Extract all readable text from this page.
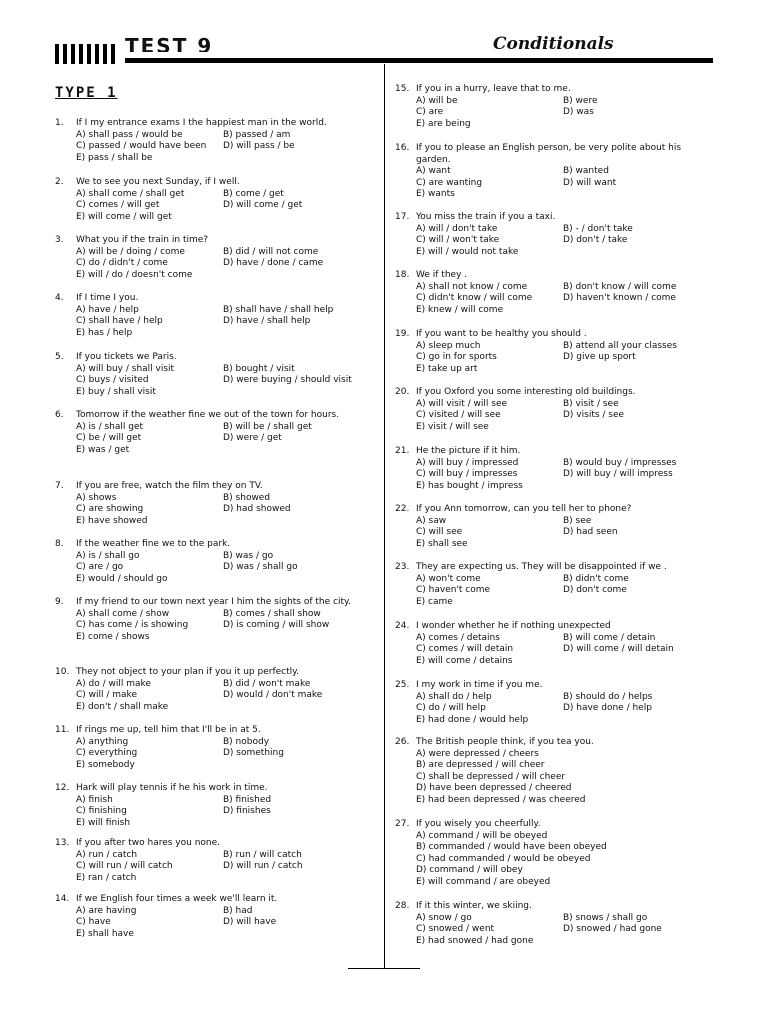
TEST 9	Conditionals
TYPE 1
1. If I my entrance exams I the happiest man in the world.
A) shall pass / would be	B) passed / am
C) passed / would have been	D) will pass / be
E) pass / shall be
2. We to see you next Sunday, if I well.
A) shall come / shall get	B) come / get
C) comes / will get	D) will come / get
E) will come / will get
3. What you if the train in time?
A) will be / doing / come	B) did / will not come
C) do / didn't / come	D) have / done / came
E) will / do / doesn't come
4. If I time I you.
A) have / help	B) shall have / shall help
C) shall have / help	D) have / shall help
E) has / help
5. If you tickets we Paris.
A) will buy / shall visit	B) bought / visit
C) buys / visited	D) were buying / should visit
E) buy / shall visit
6. Tomorrow if the weather fine we out of the town for hours.
A) is / shall get	B) will be / shall get
C) be / will get	D) were / get
E) was / get
7. If you are free, watch the film they on TV.
A) shows	B) showed
C) are showing	D) had showed
E) have showed
8. If the weather fine we to the park.
A) is / shall go	B) was / go
C) are / go	D) was / shall go
E) would / should go
9. If my friend to our town next year I him the sights of the city.
A) shall come / show	B) comes / shall show
C) has come / is showing	D) is coming / will show
E) come / shows
10. They not object to your plan if you it up perfectly.
A) do / will make	B) did / won't make
C) will / make	D) would / don't make
E) don't / shall make
11. If rings me up, tell him that I'll be in at 5.
A) anything	B) nobody
C) everything	D) something
E) somebody
12. Hark will play tennis if he his work in time.
A) finish	B) finished
C) finishing	D) finishes
E) will finish
13. If you after two hares you none.
A) run / catch	B) run / will catch
C) will run / will catch	D) will run / catch
E) ran / catch
14. If we English four times a week we'll learn it.
A) are having	B) had
C) have	D) will have
E) shall have
15. If you in a hurry, leave that to me.
A) will be	B) were
C) are	D) was
E) are being
16. If you to please an English person, be very polite about his garden.
A) want	B) wanted
C) are wanting	D) will want
E) wants
17. You miss the train if you a taxi.
A) will / don't take	B) - / don't take
C) will / won't take	D) don't / take
E) will / would not take
18. We if they .
A) shall not know / come	B) don't know / will come
C) didn't know / will come	D) haven't known / come
E) knew / will come
19. If you want to be healthy you should .
A) sleep much	B) attend all your classes
C) go in for sports	D) give up sport
E) take up art
20. If you Oxford you some interesting old buildings.
A) will visit / will see	B) visit / see
C) visited / will see	D) visits / see
E) visit / will see
21. He the picture if it him.
A) will buy / impressed	B) would buy / impresses
C) will buy / impresses	D) will buy / will impress
E) has bought / impress
22. If you Ann tomorrow, can you tell her to phone?
A) saw	B) see
C) will see	D) had seen
E) shall see
23. They are expecting us. They will be disappointed if we .
A) won't come	B) didn't come
C) haven't come	D) don't come
E) came
24. I wonder whether he if nothing unexpected
A) comes / detains	B) will come / detain
C) comes / will detain	D) will come / will detain
E) will come / detains
25. I my work in time if you me.
A) shall do / help	B) should do / helps
C) do / will help	D) have done / help
E) had done / would help
26. The British people think, if you tea you.
A) were depressed / cheers
B) are depressed / will cheer
C) shall be depressed / will cheer
D) have been depressed / cheered
E) had been depressed / was cheered
27. If you wisely you cheerfully.
A) command / will be obeyed
B) commanded / would have been obeyed
C) had commanded / would be obeyed
D) command / will obey
E) will command / are obeyed
28. If it this winter, we skiing.
A) snow / go	B) snows / shall go
C) snowed / went	D) snowed / had gone
E) had snowed / had gone
